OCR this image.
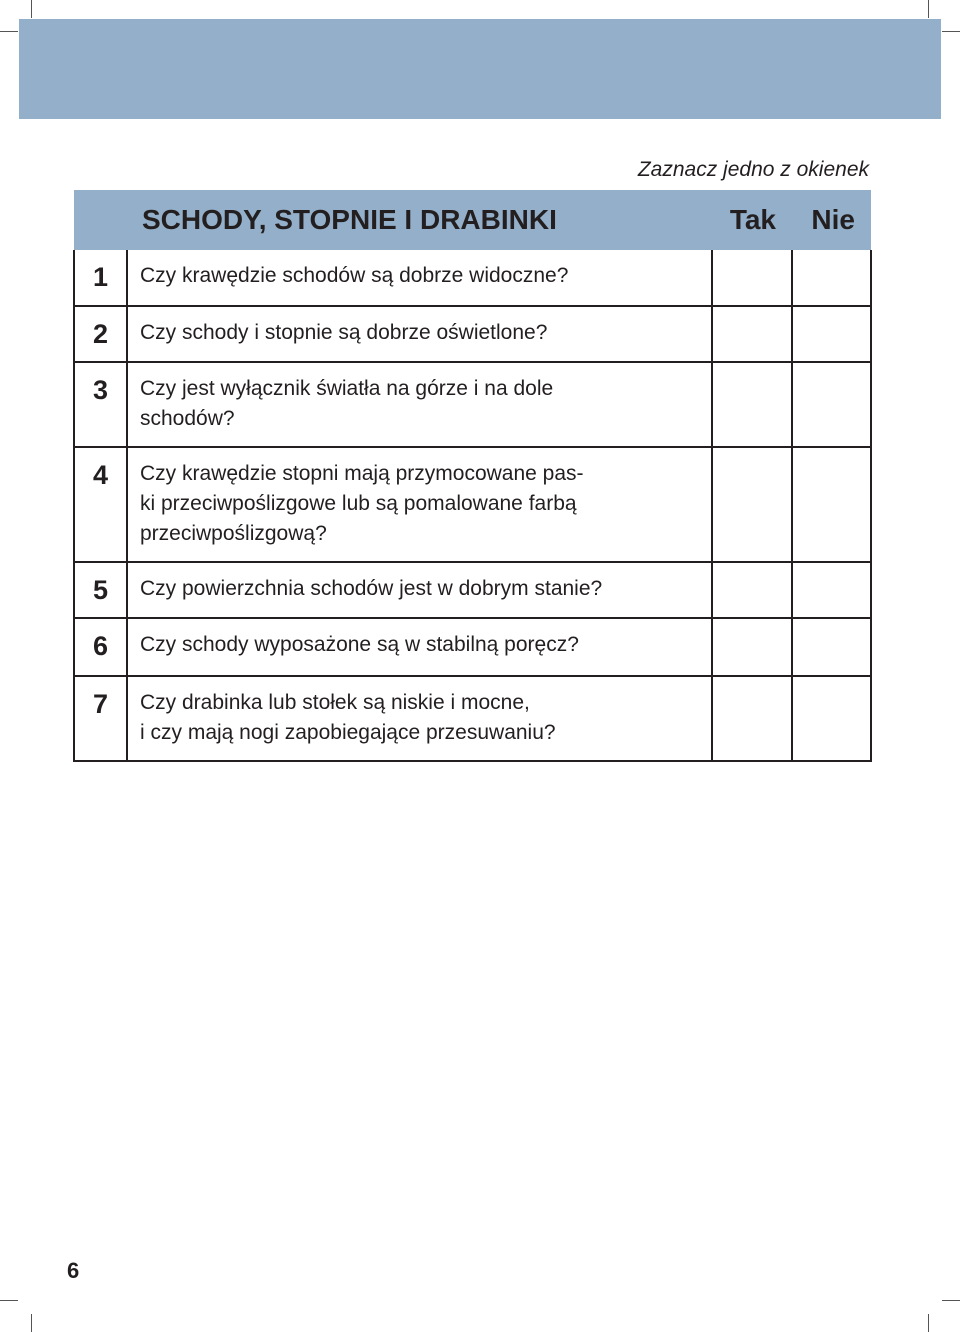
Zaznacz jedno z okienek
SCHODY, STOPNIE I DRABINKI		Tak	Nie
1	Czy krawędzie schodów są dobrze widoczne?		

2	Czy schody i stopnie są dobrze oświetlone?		

3	Czy jest wyłącznik światła na górze i na dole
schodów?		

4	Czy krawędzie stopni mają przymocowane pas-
ki przeciwpoślizgowe lub są pomalowane farbą
przeciwpoślizgową?		

5	Czy powierzchnia schodów jest w dobrym stanie?		

6	Czy schody wyposażone są w stabilną poręcz?		

7	Czy drabinka lub stołek są niskie i mocne,
i czy mają nogi zapobiegające przesuwaniu?		

6
